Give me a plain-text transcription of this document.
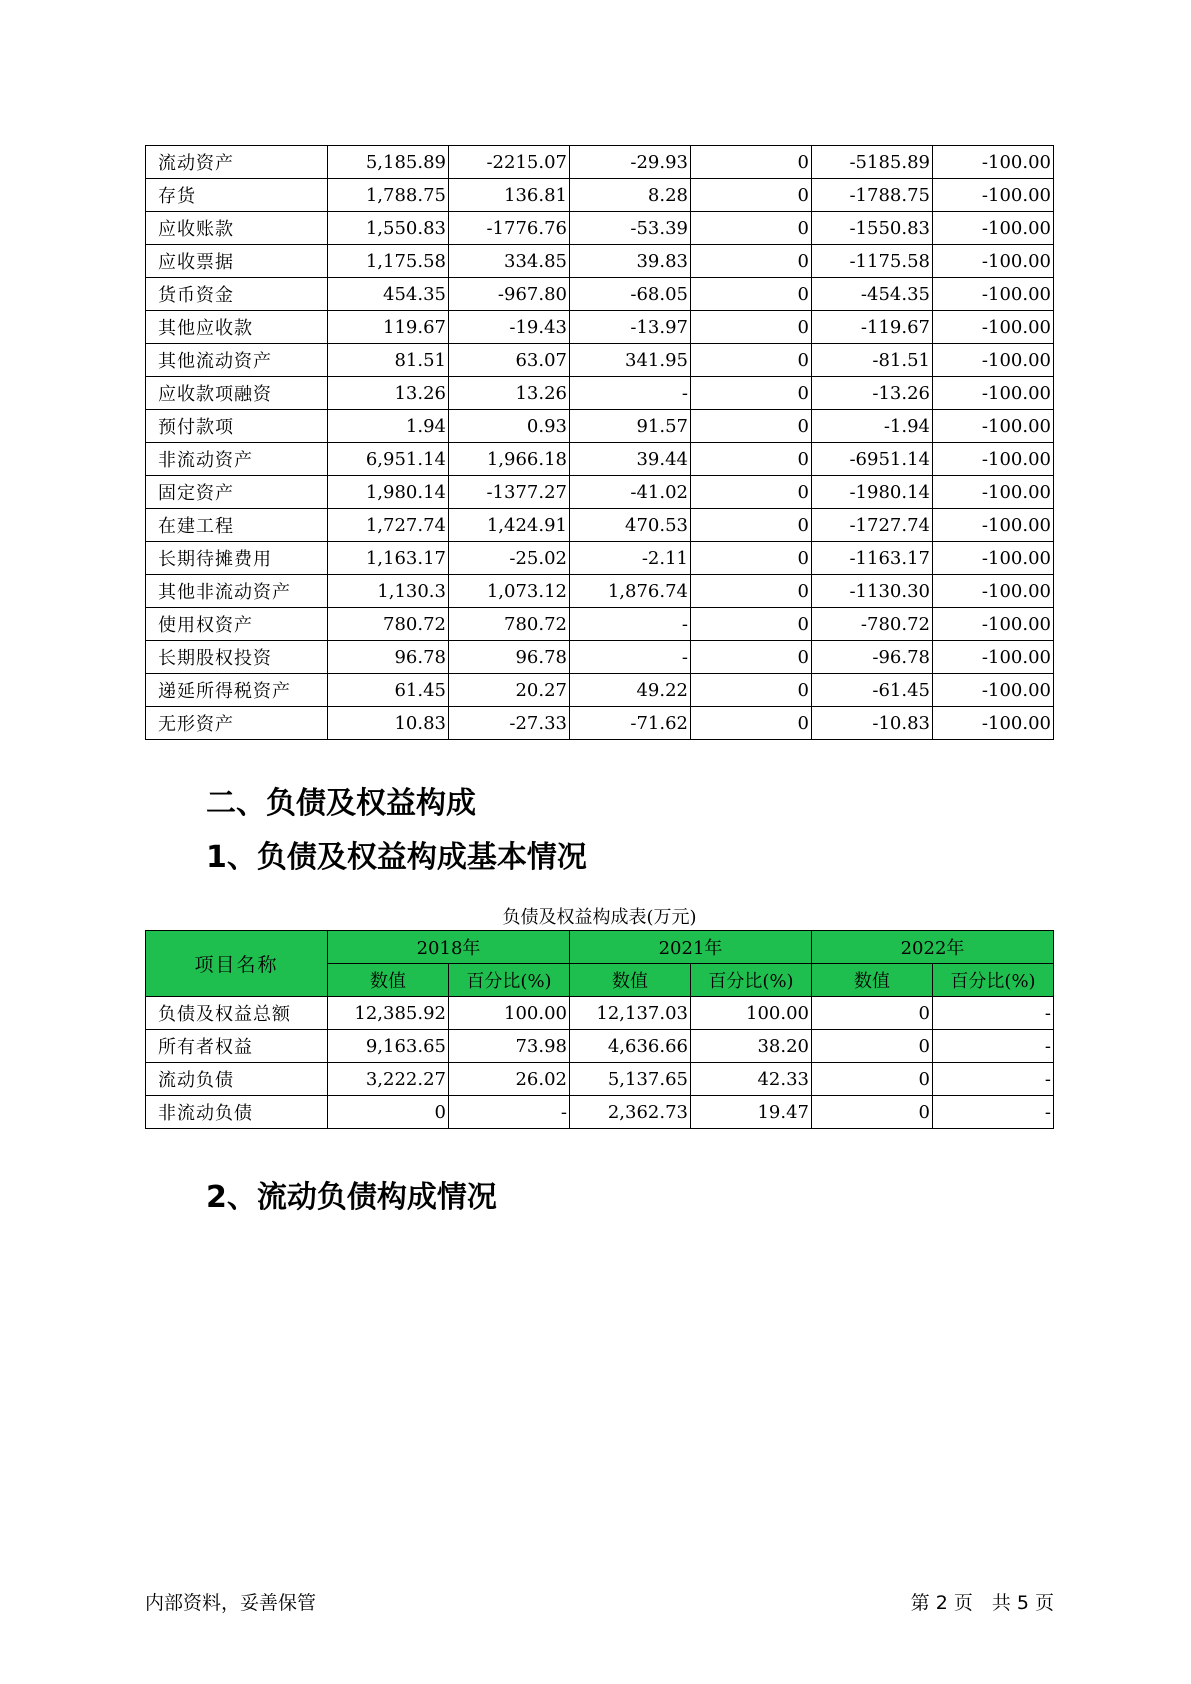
流动资产	5,185.89	-2215.07	-29.93	0	-5185.89	-100.00
存货	1,788.75	136.81	8.28	0	-1788.75	-100.00
应收账款	1,550.83	-1776.76	-53.39	0	-1550.83	-100.00
应收票据	1,175.58	334.85	39.83	0	-1175.58	-100.00
货币资金	454.35	-967.80	-68.05	0	-454.35	-100.00
其他应收款	119.67	-19.43	-13.97	0	-119.67	-100.00
其他流动资产	81.51	63.07	341.95	0	-81.51	-100.00
应收款项融资	13.26	13.26	-	0	-13.26	-100.00
预付款项	1.94	0.93	91.57	0	-1.94	-100.00
非流动资产	6,951.14	1,966.18	39.44	0	-6951.14	-100.00
固定资产	1,980.14	-1377.27	-41.02	0	-1980.14	-100.00
在建工程	1,727.74	1,424.91	470.53	0	-1727.74	-100.00
长期待摊费用	1,163.17	-25.02	-2.11	0	-1163.17	-100.00
其他非流动资产	1,130.3	1,073.12	1,876.74	0	-1130.30	-100.00
使用权资产	780.72	780.72	-	0	-780.72	-100.00
长期股权投资	96.78	96.78	-	0	-96.78	-100.00
递延所得税资产	61.45	20.27	49.22	0	-61.45	-100.00
无形资产	10.83	-27.33	-71.62	0	-10.83	-100.00
二、负债及权益构成
1、负债及权益构成基本情况
负债及权益构成表(万元)
项目名称	2018年		2021年		2022年	
	数值	百分比(%)	数值	百分比(%)	数值	百分比(%)
负债及权益总额	12,385.92	100.00	12,137.03	100.00	0	-
所有者权益	9,163.65	73.98	4,636.66	38.20	0	-
流动负债	3,222.27	26.02	5,137.65	42.33	0	-
非流动负债	0	-	2,362.73	19.47	0	-
2、流动负债构成情况
内部资料，妥善保管	第 2 页　共 5 页
